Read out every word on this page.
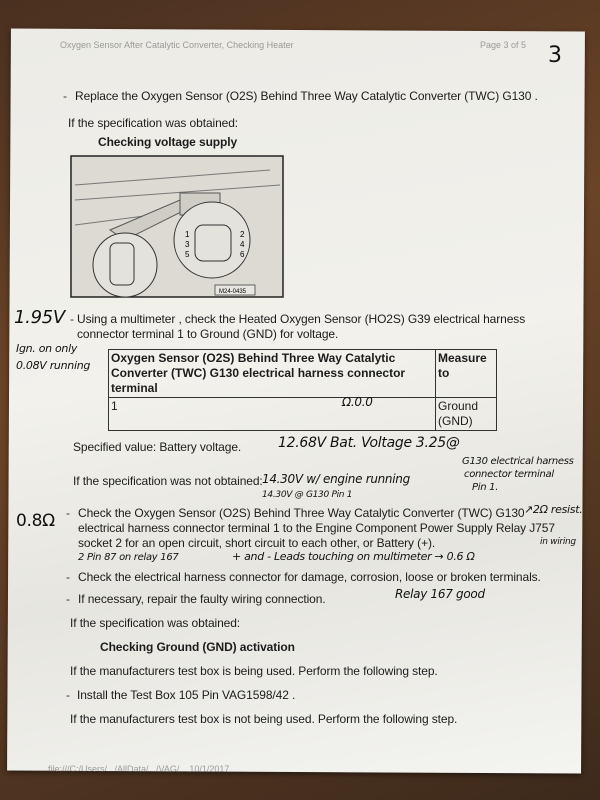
Oxygen Sensor After Catalytic Converter, Checking Heater	Page 3 of 5 3
- Replace the Oxygen Sensor (O2S) Behind Three Way Catalytic Converter (TWC) G130 .
If the specification was obtained:
Checking voltage supply
1	2
3	4
5	6
M24-0435
1.95V - Using a multimeter , check the Heated Oxygen Sensor (HO2S) G39 electrical harness
connector terminal 1 to Ground (GND) for voltage.
Ign. on only
0.08V running
Oxygen Sensor (O2S) Behind Three Way Catalytic Converter (TWC) G130 electrical harness connector terminal	Measure to
1	Ground (GND)
Ω.0.0
Specified value: Battery voltage.	12.68V Bat. Voltage 3.25@
G130 electrical harness
connector terminal
Pin 1.
If the specification was not obtained: 14.30V w/ engine running
14.30V @ G130 Pin 1
0.8Ω - Check the Oxygen Sensor (O2S) Behind Three Way Catalytic Converter (TWC) G130
electrical harness connector terminal 1 to the Engine Component Power Supply Relay J757
socket 2 for an open circuit, short circuit to each other, or Battery (+).
2 Pin 87 on relay 167	+ and - Leads touching on multimeter → 0.6 Ω
↗2Ω resist.
in wiring
- Check the electrical harness connector for damage, corrosion, loose or broken terminals.
Relay 167 good
- If necessary, repair the faulty wiring connection.
If the specification was obtained:
Checking Ground (GND) activation
If the manufacturers test box is being used. Perform the following step.
- Install the Test Box 105 Pin VAG1598/42 .
If the manufacturers test box is not being used. Perform the following step.
file:///C:/Users/.../AllData/.../VAG/... 10/1/2017
